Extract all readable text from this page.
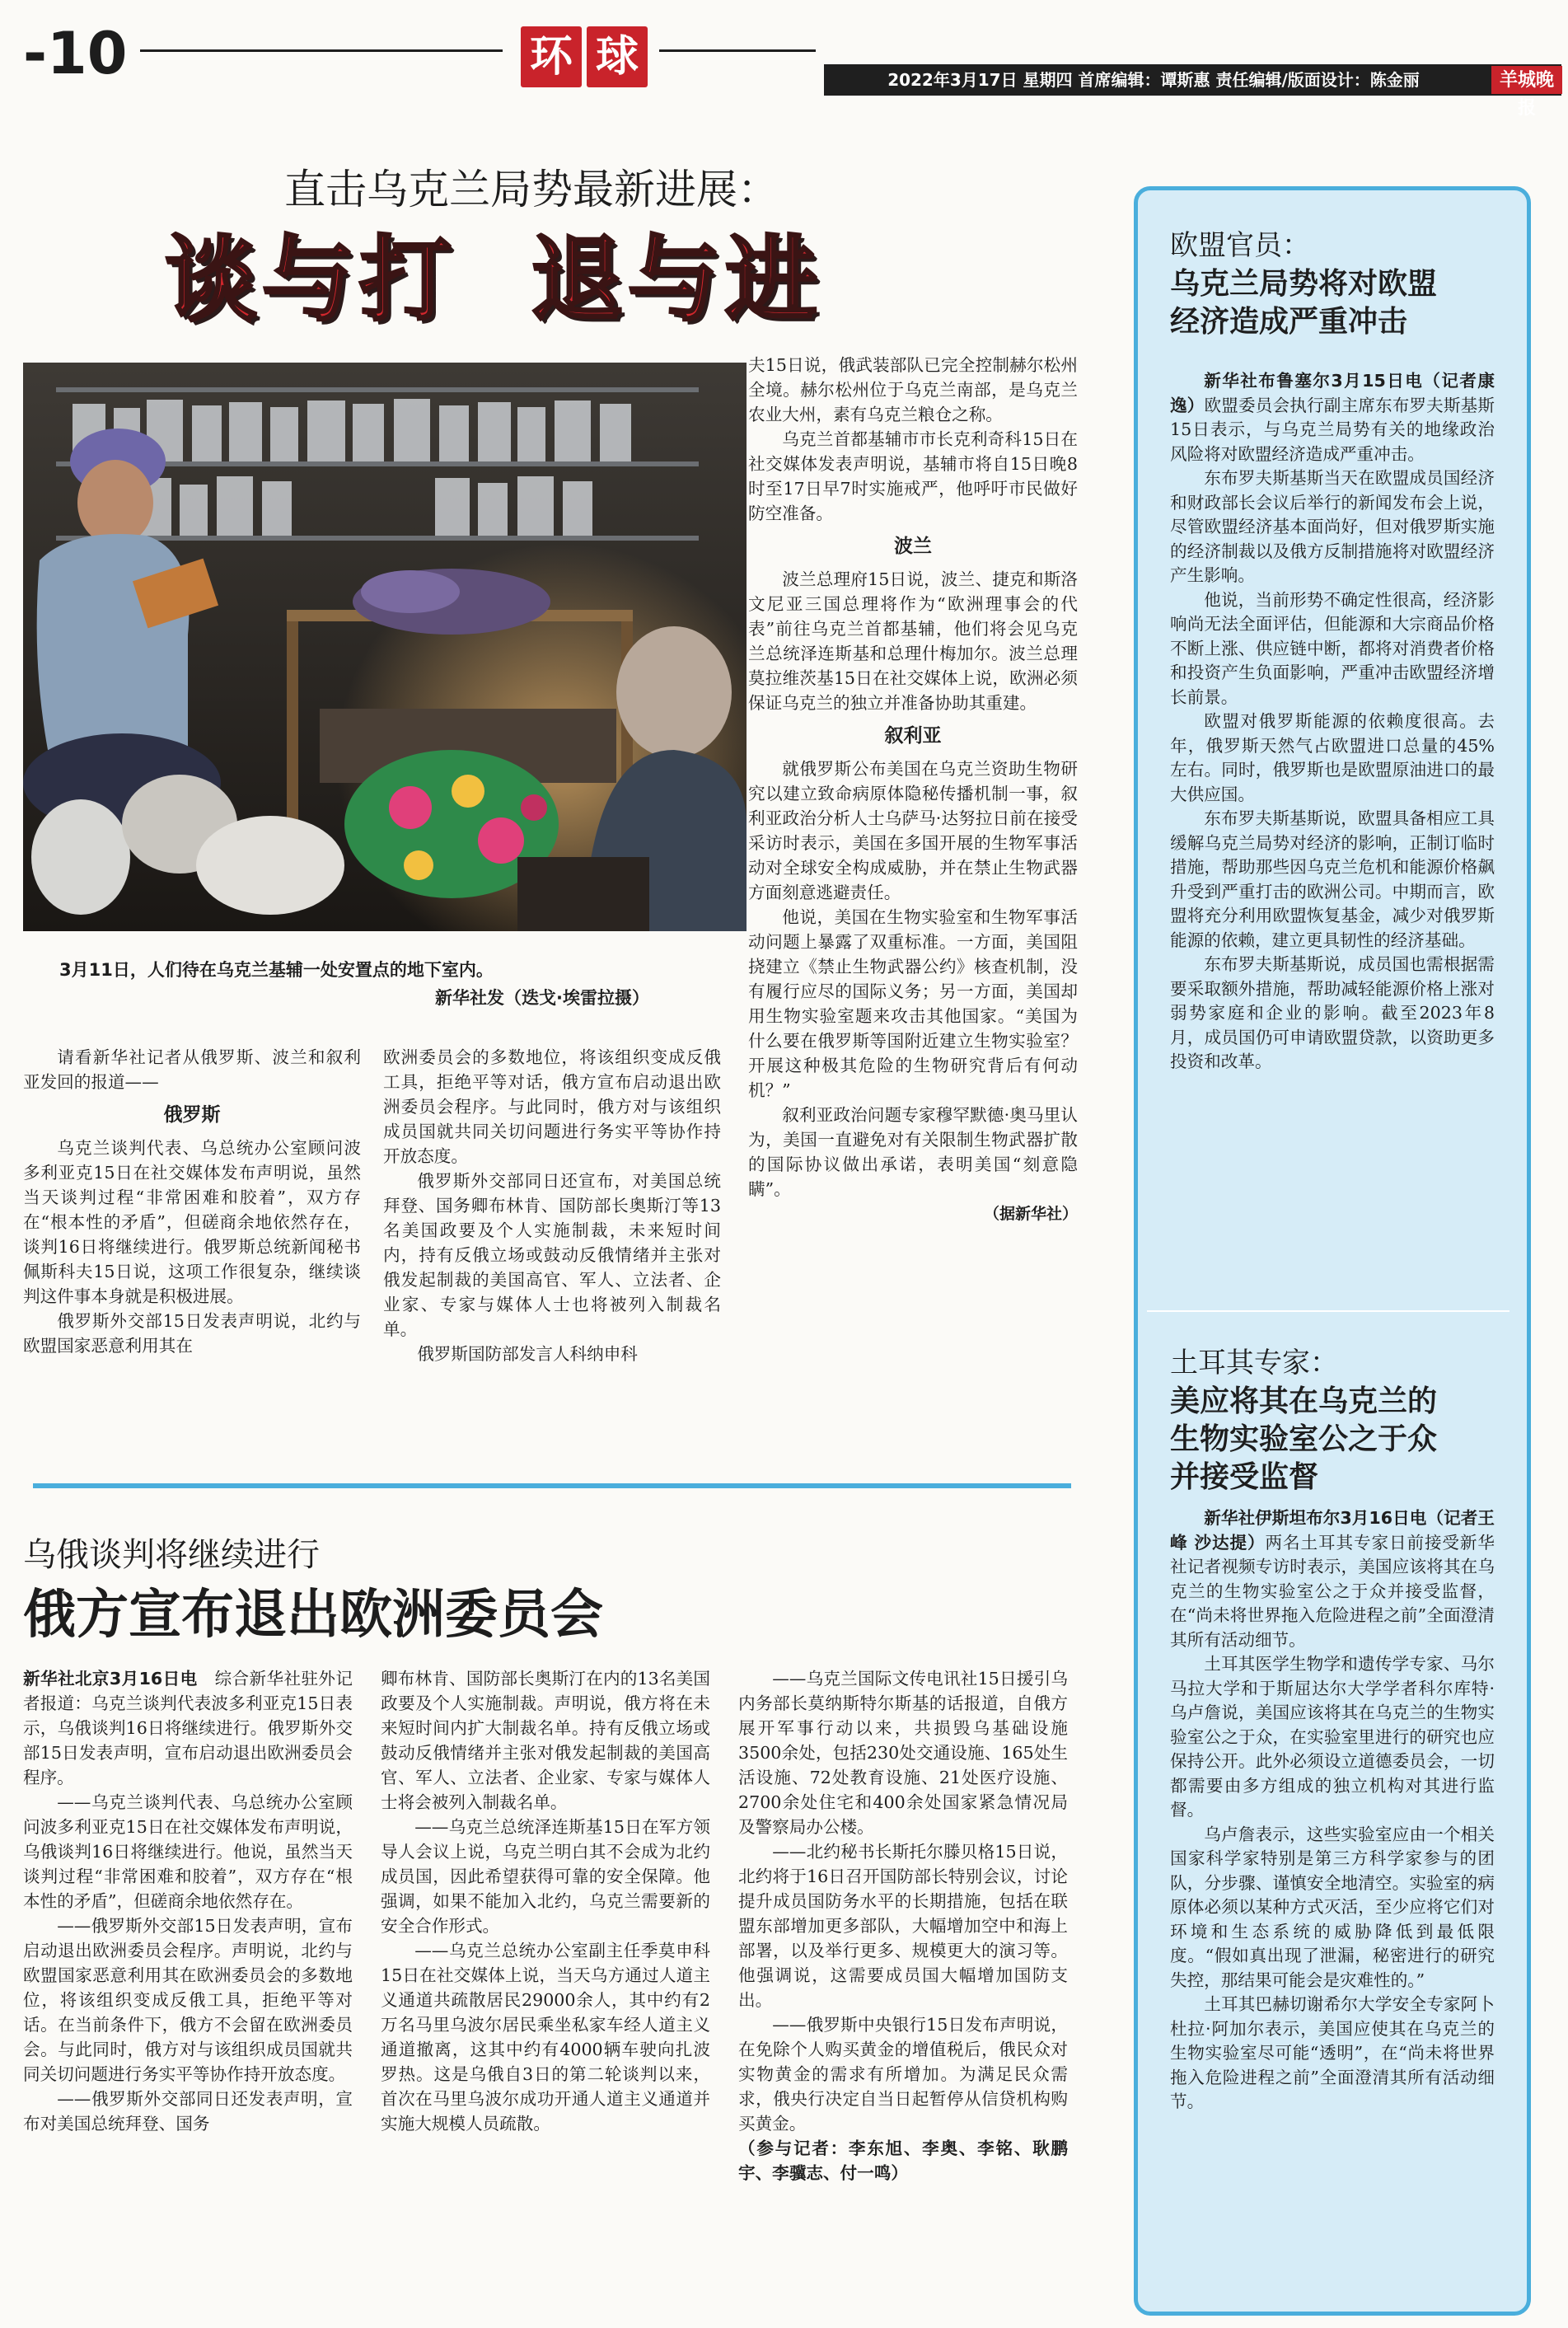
-10	环 球	2022年3月17日 星期四 首席编辑：谭斯惠 责任编辑/版面设计：陈金丽	羊城晚报
直击乌克兰局势最新进展：
谈与打  退与进
3月11日，人们待在乌克兰基辅一处安置点的地下室内。
新华社发（迭戈·埃雷拉摄）

请看新华社记者从俄罗斯、波兰和叙利亚发回的报道——

俄罗斯

乌克兰谈判代表、乌总统办公室顾问波多利亚克15日在社交媒体发布声明说，虽然当天谈判过程“非常困难和胶着”，双方存在“根本性的矛盾”，但磋商余地依然存在，谈判16日将继续进行。俄罗斯总统新闻秘书佩斯科夫15日说，这项工作很复杂，继续谈判这件事本身就是积极进展。

俄罗斯外交部15日发表声明说，北约与欧盟国家恶意利用其在

欧洲委员会的多数地位，将该组织变成反俄工具，拒绝平等对话，俄方宣布启动退出欧洲委员会程序。与此同时，俄方对与该组织成员国就共同关切问题进行务实平等协作持开放态度。

俄罗斯外交部同日还宣布，对美国总统拜登、国务卿布林肯、国防部长奥斯汀等13名美国政要及个人实施制裁，未来短时间内，持有反俄立场或鼓动反俄情绪并主张对俄发起制裁的美国高官、军人、立法者、企业家、专家与媒体人士也将被列入制裁名单。

俄罗斯国防部发言人科纳申科

夫15日说，俄武装部队已完全控制赫尔松州全境。赫尔松州位于乌克兰南部，是乌克兰农业大州，素有乌克兰粮仓之称。

乌克兰首都基辅市市长克利奇科15日在社交媒体发表声明说，基辅市将自15日晚8时至17日早7时实施戒严，他呼吁市民做好防空准备。

波兰

波兰总理府15日说，波兰、捷克和斯洛文尼亚三国总理将作为“欧洲理事会的代表”前往乌克兰首都基辅，他们将会见乌克兰总统泽连斯基和总理什梅加尔。波兰总理莫拉维茨基15日在社交媒体上说，欧洲必须保证乌克兰的独立并准备协助其重建。

叙利亚

就俄罗斯公布美国在乌克兰资助生物研究以建立致命病原体隐秘传播机制一事，叙利亚政治分析人士乌萨马·达努拉日前在接受采访时表示，美国在多国开展的生物军事活动对全球安全构成威胁，并在禁止生物武器方面刻意逃避责任。

他说，美国在生物实验室和生物军事活动问题上暴露了双重标准。一方面，美国阻挠建立《禁止生物武器公约》核查机制，没有履行应尽的国际义务；另一方面，美国却用生物实验室题来攻击其他国家。“美国为什么要在俄罗斯等国附近建立生物实验室？开展这种极其危险的生物研究背后有何动机？”

叙利亚政治问题专家穆罕默德·奥马里认为，美国一直避免对有关限制生物武器扩散的国际协议做出承诺，表明美国“刻意隐瞒”。

（据新华社）

乌俄谈判将继续进行
俄方宣布退出欧洲委员会

新华社北京3月16日电　 综合新华社驻外记者报道：乌克兰谈判代表波多利亚克15日表示，乌俄谈判16日将继续进行。俄罗斯外交部15日发表声明，宣布启动退出欧洲委员会程序。

——乌克兰谈判代表、乌总统办公室顾问波多利亚克15日在社交媒体发布声明说，乌俄谈判16日将继续进行。他说，虽然当天谈判过程“非常困难和胶着”，双方存在“根本性的矛盾”，但磋商余地依然存在。

——俄罗斯外交部15日发表声明，宣布启动退出欧洲委员会程序。声明说，北约与欧盟国家恶意利用其在欧洲委员会的多数地位，将该组织变成反俄工具，拒绝平等对话。在当前条件下，俄方不会留在欧洲委员会。与此同时，俄方对与该组织成员国就共同关切问题进行务实平等协作持开放态度。

——俄罗斯外交部同日还发表声明，宣布对美国总统拜登、国务

卿布林肯、国防部长奥斯汀在内的13名美国政要及个人实施制裁。声明说，俄方将在未来短时间内扩大制裁名单。持有反俄立场或鼓动反俄情绪并主张对俄发起制裁的美国高官、军人、立法者、企业家、专家与媒体人士将会被列入制裁名单。

——乌克兰总统泽连斯基15日在军方领导人会议上说，乌克兰明白其不会成为北约成员国，因此希望获得可靠的安全保障。他强调，如果不能加入北约，乌克兰需要新的安全合作形式。

——乌克兰总统办公室副主任季莫申科15日在社交媒体上说，当天乌方通过人道主义通道共疏散居民29000余人，其中约有2万名马里乌波尔居民乘坐私家车经人道主义通道撤离，这其中约有4000辆车驶向扎波罗热。这是乌俄自3日的第二轮谈判以来，首次在马里乌波尔成功开通人道主义通道并实施大规模人员疏散。

——乌克兰国际文传电讯社15日援引乌内务部长莫纳斯特尔斯基的话报道，自俄方展开军事行动以来，共损毁乌基础设施3500余处，包括230处交通设施、165处生活设施、72处教育设施、21处医疗设施、2700余处住宅和400余处国家紧急情况局及警察局办公楼。

——北约秘书长斯托尔滕贝格15日说，北约将于16日召开国防部长特别会议，讨论提升成员国防务水平的长期措施，包括在联盟东部增加更多部队，大幅增加空中和海上部署，以及举行更多、规模更大的演习等。他强调说，这需要成员国大幅增加国防支出。

——俄罗斯中央银行15日发布声明说，在免除个人购买黄金的增值税后，俄民众对实物黄金的需求有所增加。为满足民众需求，俄央行决定自当日起暂停从信贷机构购买黄金。

（参与记者：李东旭、李奥、李铭、耿鹏宇、李骥志、付一鸣）

欧盟官员：
乌克兰局势将对欧盟
经济造成严重冲击

新华社布鲁塞尔3月15日电（记者康逸）欧盟委员会执行副主席东布罗夫斯基斯15日表示，与乌克兰局势有关的地缘政治风险将对欧盟经济造成严重冲击。

东布罗夫斯基斯当天在欧盟成员国经济和财政部长会议后举行的新闻发布会上说，尽管欧盟经济基本面尚好，但对俄罗斯实施的经济制裁以及俄方反制措施将对欧盟经济产生影响。

他说，当前形势不确定性很高，经济影响尚无法全面评估，但能源和大宗商品价格不断上涨、供应链中断，都将对消费者价格和投资产生负面影响，严重冲击欧盟经济增长前景。

欧盟对俄罗斯能源的依赖度很高。去年，俄罗斯天然气占欧盟进口总量的45%左右。同时，俄罗斯也是欧盟原油进口的最大供应国。

东布罗夫斯基斯说，欧盟具备相应工具缓解乌克兰局势对经济的影响，正制订临时措施，帮助那些因乌克兰危机和能源价格飙升受到严重打击的欧洲公司。中期而言，欧盟将充分利用欧盟恢复基金，减少对俄罗斯能源的依赖，建立更具韧性的经济基础。

东布罗夫斯基斯说，成员国也需根据需要采取额外措施，帮助减轻能源价格上涨对弱势家庭和企业的影响。截至2023年8月，成员国仍可申请欧盟贷款，以资助更多投资和改革。

土耳其专家：
美应将其在乌克兰的
生物实验室公之于众
并接受监督

新华社伊斯坦布尔3月16日电（记者王峰 沙达提）两名土耳其专家日前接受新华社记者视频专访时表示，美国应该将其在乌克兰的生物实验室公之于众并接受监督，在“尚未将世界拖入危险进程之前”全面澄清其所有活动细节。

土耳其医学生物学和遗传学专家、马尔马拉大学和于斯屈达尔大学学者科尔库特·乌卢詹说，美国应该将其在乌克兰的生物实验室公之于众，在实验室里进行的研究也应保持公开。此外必须设立道德委员会，一切都需要由多方组成的独立机构对其进行监督。

乌卢詹表示，这些实验室应由一个相关国家科学家特别是第三方科学家参与的团队，分步骤、谨慎安全地清空。实验室的病原体必须以某种方式灭活，至少应将它们对环境和生态系统的威胁降低到最低限度。“假如真出现了泄漏，秘密进行的研究失控，那结果可能会是灾难性的。”

土耳其巴赫切谢希尔大学安全专家阿卜杜拉·阿加尔表示，美国应使其在乌克兰的生物实验室尽可能“透明”，在“尚未将世界拖入危险进程之前”全面澄清其所有活动细节。
